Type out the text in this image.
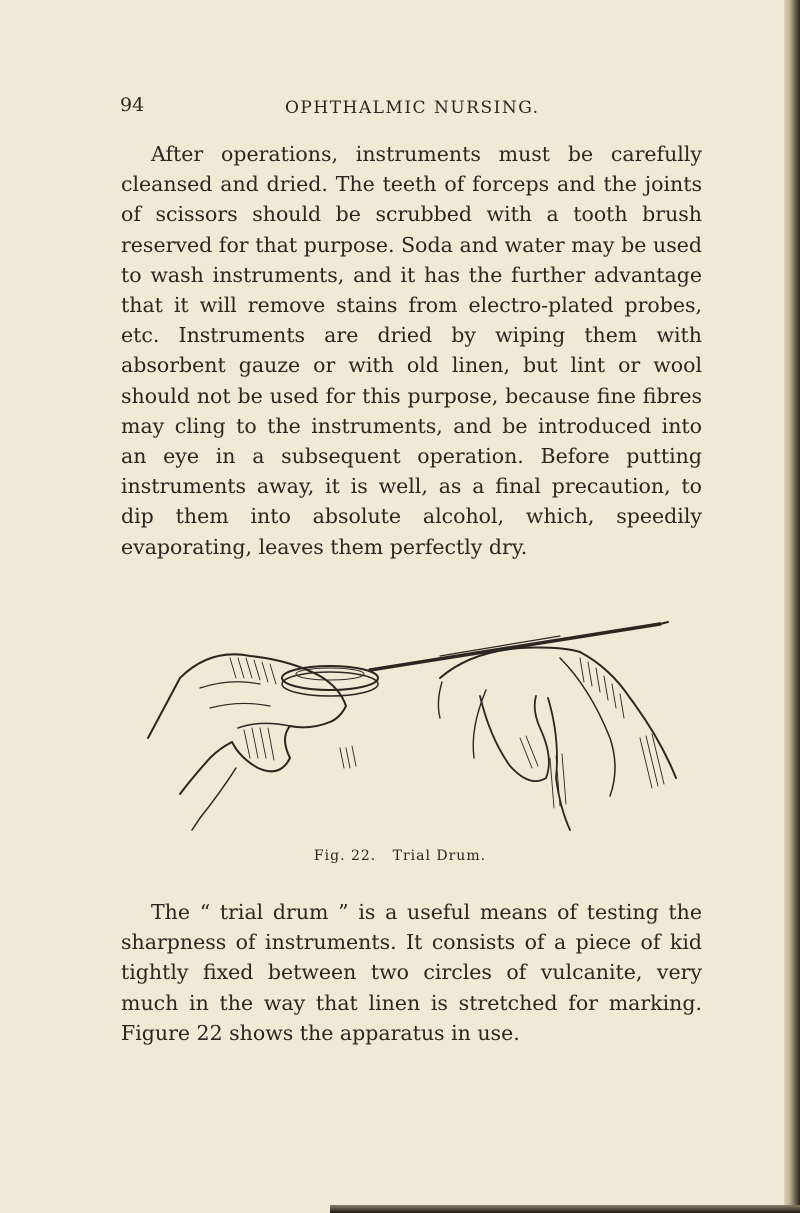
94	OPHTHALMIC NURSING.

After operations, instruments must be carefully cleansed and dried. The teeth of forceps and the joints of scissors should be scrubbed with a tooth brush reserved for that purpose. Soda and water may be used to wash instruments, and it has the further advantage that it will remove stains from electro-plated probes, etc. Instruments are dried by wiping them with absorbent gauze or with old linen, but lint or wool should not be used for this purpose, because fine fibres may cling to the instruments, and be introduced into an eye in a subsequent operation. Before putting instruments away, it is well, as a final precaution, to dip them into absolute alcohol, which, speedily evaporating, leaves them perfectly dry.

Fig. 22. Trial Drum.

The “ trial drum ” is a useful means of testing the sharpness of instruments. It consists of a piece of kid tightly fixed between two circles of vulcanite, very much in the way that linen is stretched for marking. Figure 22 shows the apparatus in use.
